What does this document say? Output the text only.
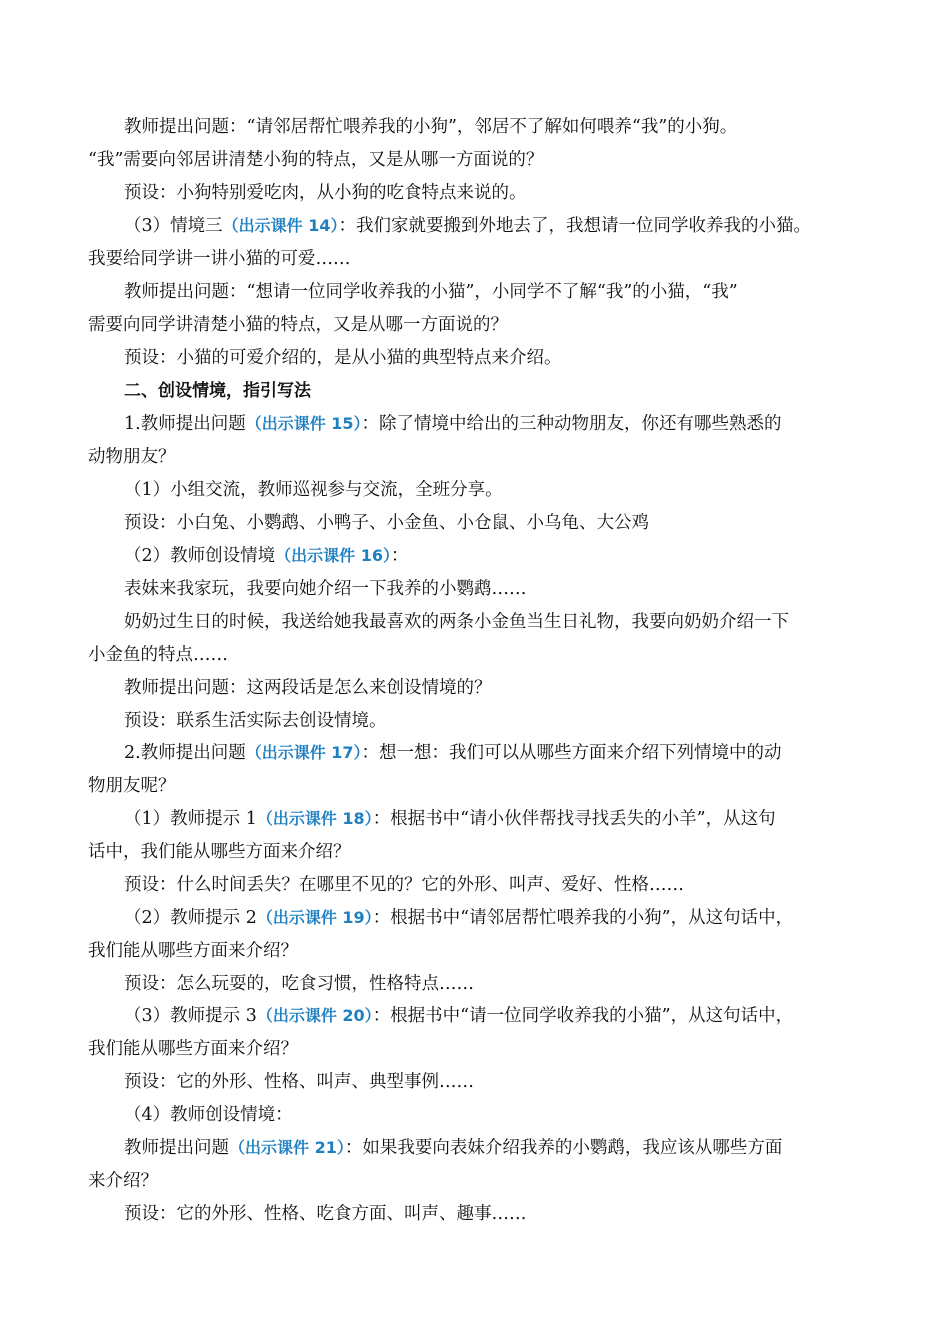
教师提出问题：“请邻居帮忙喂养我的小狗”，邻居不了解如何喂养“我”的小狗。
“我”需要向邻居讲清楚小狗的特点，又是从哪一方面说的？
预设：小狗特别爱吃肉，从小狗的吃食特点来说的。
（3）情境三（出示课件 14）：我们家就要搬到外地去了，我想请一位同学收养我的小猫。
我要给同学讲一讲小猫的可爱……
教师提出问题：“想请一位同学收养我的小猫”，小同学不了解“我”的小猫，“我”
需要向同学讲清楚小猫的特点，又是从哪一方面说的？
预设：小猫的可爱介绍的，是从小猫的典型特点来介绍。
二、创设情境，指引写法
1.教师提出问题（出示课件 15）：除了情境中给出的三种动物朋友，你还有哪些熟悉的
动物朋友？
（1）小组交流，教师巡视参与交流，全班分享。
预设：小白兔、小鹦鹉、小鸭子、小金鱼、小仓鼠、小乌龟、大公鸡
（2）教师创设情境（出示课件 16）：
表妹来我家玩，我要向她介绍一下我养的小鹦鹉……
奶奶过生日的时候，我送给她我最喜欢的两条小金鱼当生日礼物，我要向奶奶介绍一下
小金鱼的特点……
教师提出问题：这两段话是怎么来创设情境的？
预设：联系生活实际去创设情境。
2.教师提出问题（出示课件 17）：想一想：我们可以从哪些方面来介绍下列情境中的动
物朋友呢？
（1）教师提示 1（出示课件 18）：根据书中“请小伙伴帮找寻找丢失的小羊”，从这句
话中，我们能从哪些方面来介绍？
预设：什么时间丢失？在哪里不见的？它的外形、叫声、爱好、性格……
（2）教师提示 2（出示课件 19）：根据书中“请邻居帮忙喂养我的小狗”，从这句话中，
我们能从哪些方面来介绍？
预设：怎么玩耍的，吃食习惯，性格特点……
（3）教师提示 3（出示课件 20）：根据书中“请一位同学收养我的小猫”，从这句话中，
我们能从哪些方面来介绍？
预设：它的外形、性格、叫声、典型事例……
（4）教师创设情境：
教师提出问题（出示课件 21）：如果我要向表妹介绍我养的小鹦鹉，我应该从哪些方面
来介绍？
预设：它的外形、性格、吃食方面、叫声、趣事……
